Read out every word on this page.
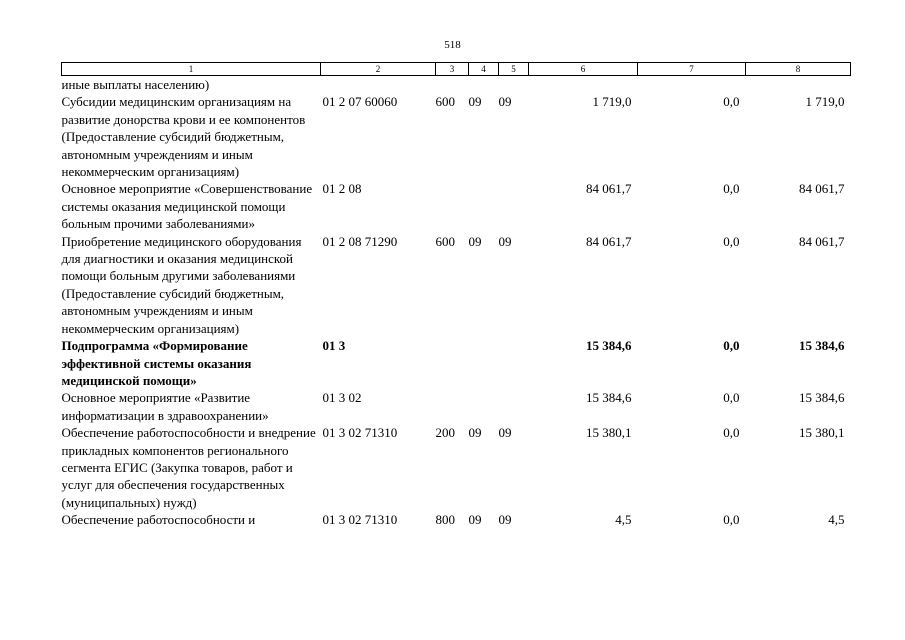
518
1	2	3	4	5	6	7	8
иные выплаты населению)							
Субсидии медицинским организациям на развитие донорства крови и ее компонентов (Предоставление субсидий бюджетным, автономным учреждениям и иным некоммерческим организациям)	01 2 07 60060	600	09	09	1 719,0	0,0	1 719,0
Основное мероприятие «Совершенствование системы оказания медицинской помощи больным прочими заболеваниями»	01 2 08				84 061,7	0,0	84 061,7
Приобретение медицинского оборудования для диагностики и оказания медицинской помощи больным другими заболеваниями (Предоставление субсидий бюджетным, автономным учреждениям и иным некоммерческим организациям)	01 2 08 71290	600	09	09	84 061,7	0,0	84 061,7
Подпрограмма «Формирование эффективной системы оказания медицинской помощи»	01 3				15 384,6	0,0	15 384,6
Основное мероприятие «Развитие информатизации в здравоохранении»	01 3 02				15 384,6	0,0	15 384,6
Обеспечение работоспособности и внедрение прикладных компонентов регионального сегмента ЕГИС (Закупка товаров, работ и услуг для обеспечения государственных (муниципальных) нужд)	01 3 02 71310	200	09	09	15 380,1	0,0	15 380,1
Обеспечение работоспособности и	01 3 02 71310	800	09	09	4,5	0,0	4,5
